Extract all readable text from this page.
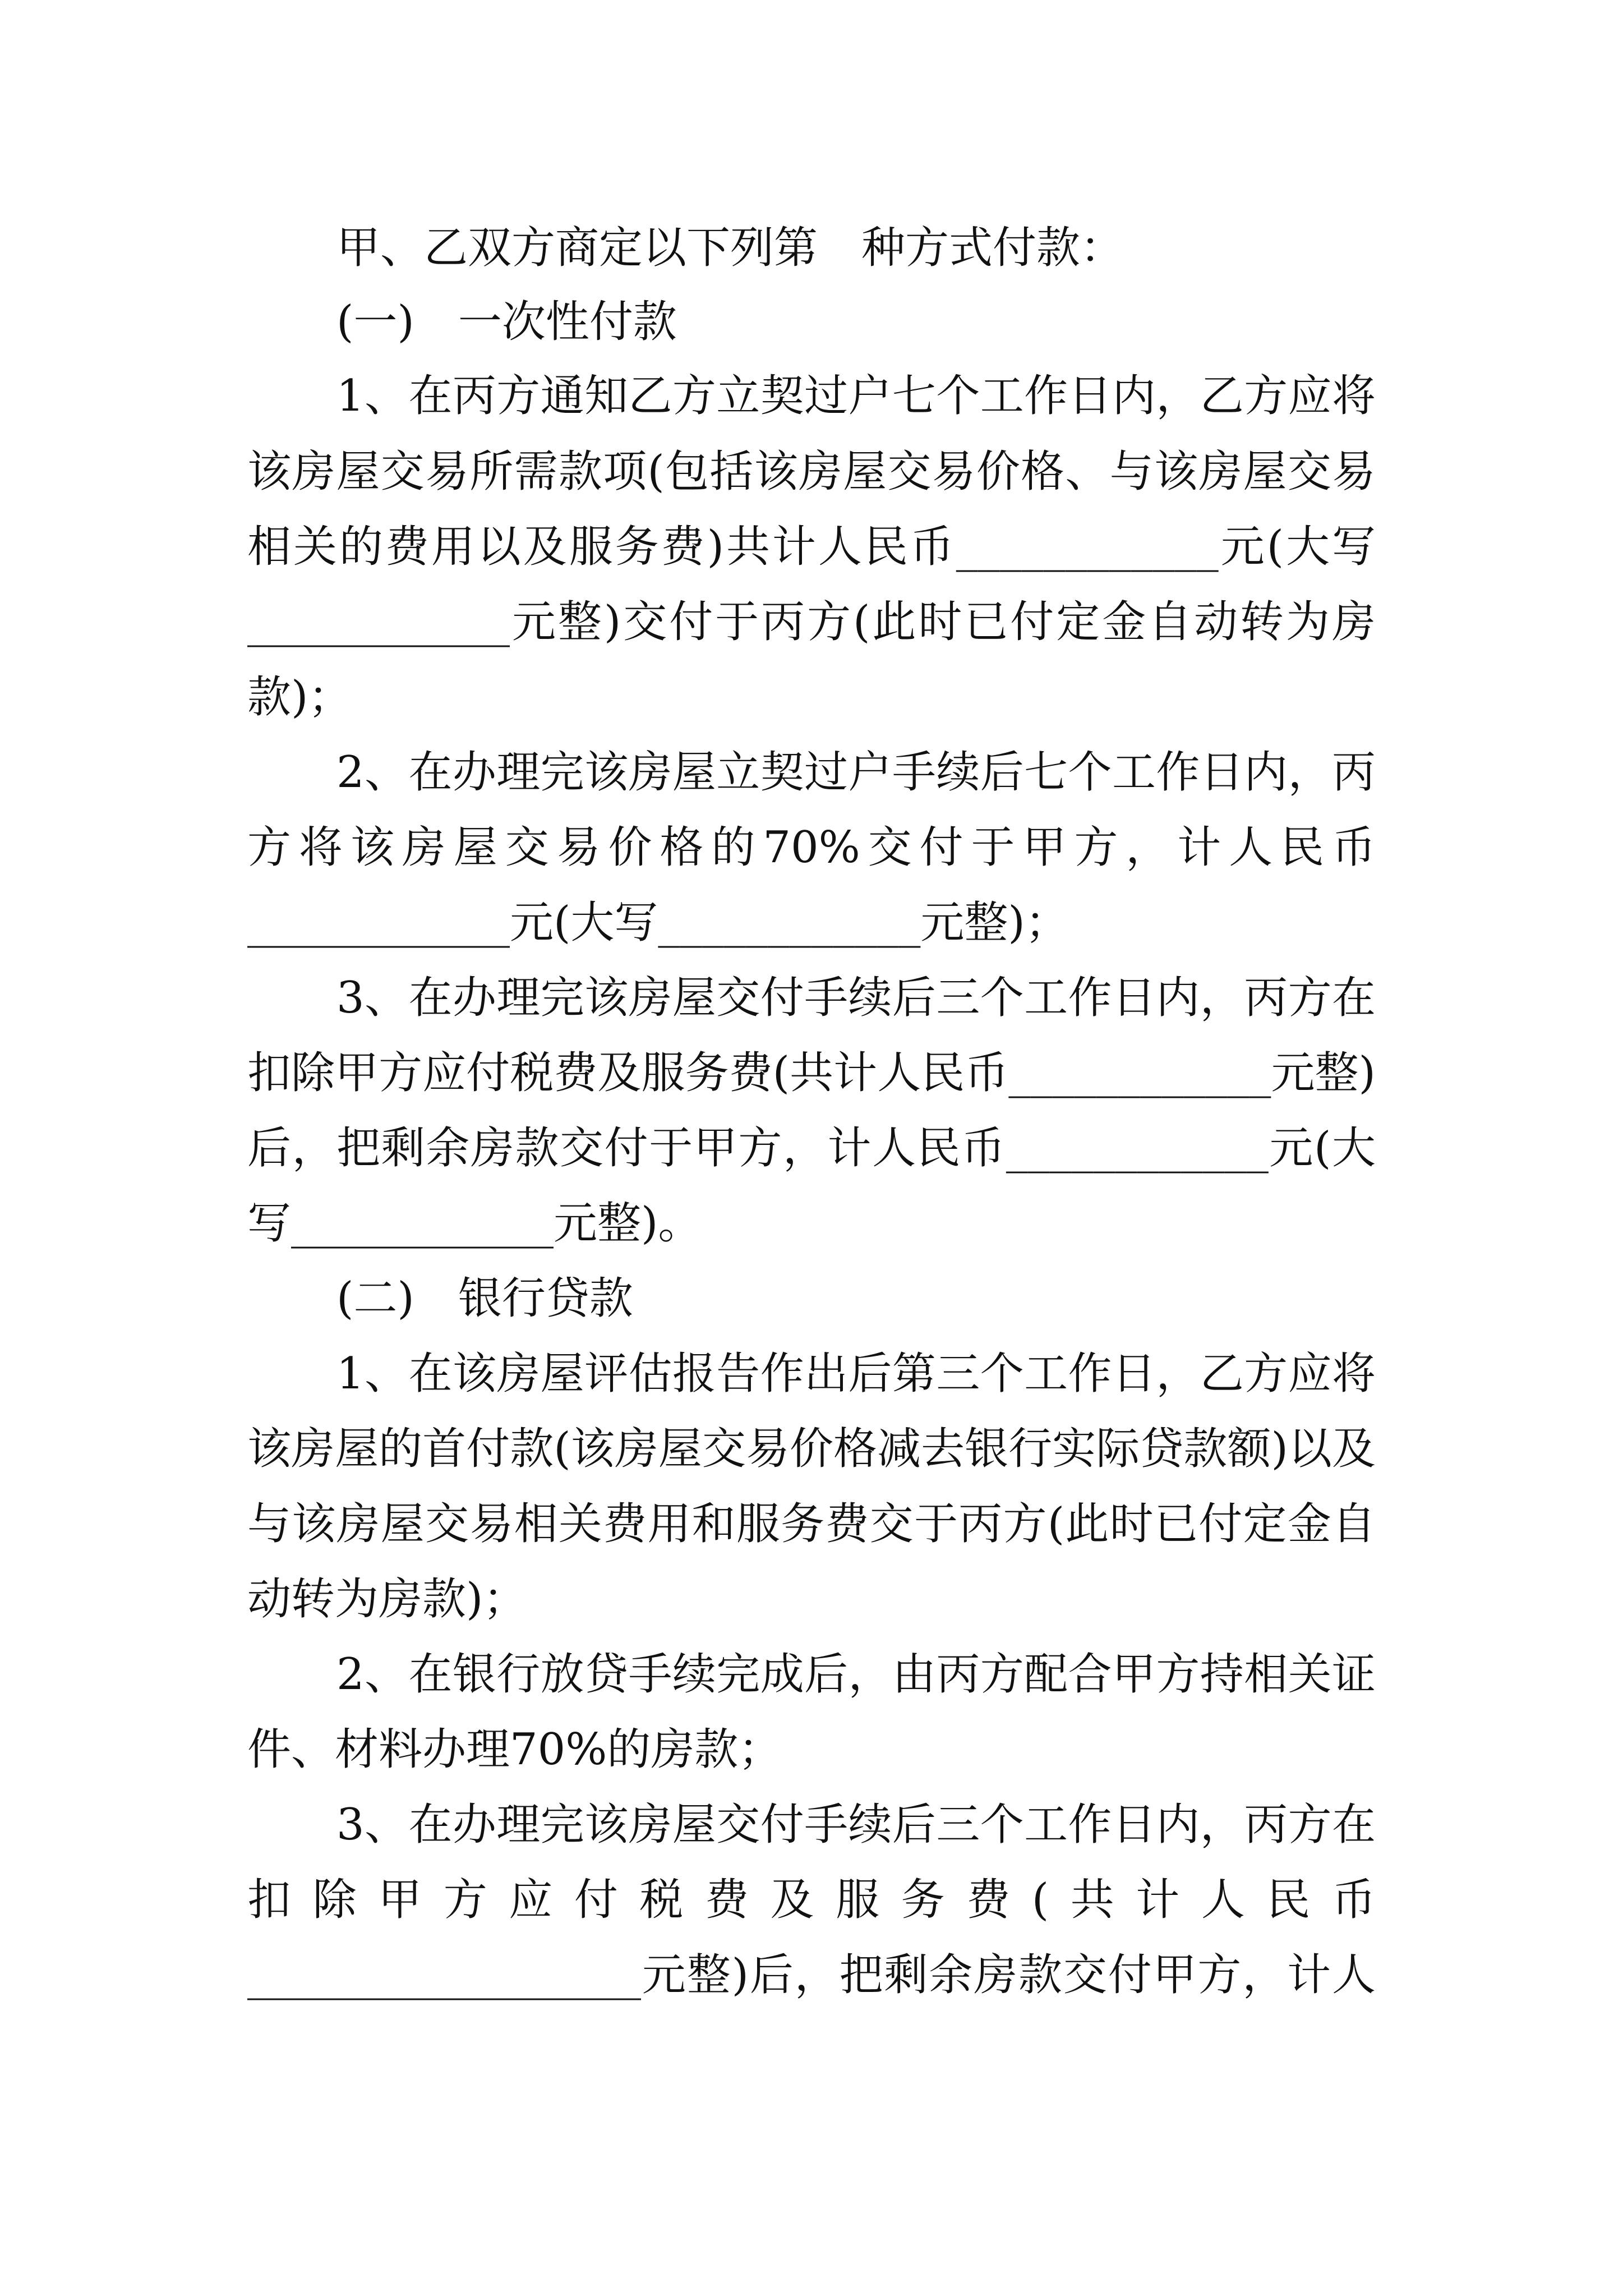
甲、乙双方商定以下列第　种方式付款：
(一)　一次性付款
1、在丙方通知乙方立契过户七个工作日内，乙方应将
该房屋交易所需款项(包括该房屋交易价格、与该房屋交易
相关的费用以及服务费)共计人民币____________元(大写
____________元整)交付于丙方(此时已付定金自动转为房
款)；
2、在办理完该房屋立契过户手续后七个工作日内，丙
方将该房屋交易价格的70%交付于甲方，计人民币
____________元(大写____________元整)；
3、在办理完该房屋交付手续后三个工作日内，丙方在
扣除甲方应付税费及服务费(共计人民币____________元整)
后，把剩余房款交付于甲方，计人民币____________元(大
写____________元整)。
(二)　银行贷款
1、在该房屋评估报告作出后第三个工作日，乙方应将
该房屋的首付款(该房屋交易价格减去银行实际贷款额)以及
与该房屋交易相关费用和服务费交于丙方(此时已付定金自
动转为房款)；
2、在银行放贷手续完成后，由丙方配合甲方持相关证
件、材料办理70%的房款；
3、在办理完该房屋交付手续后三个工作日内，丙方在
扣除甲方应付税费及服务费(共计人民币
__________________元整)后，把剩余房款交付甲方，计人
